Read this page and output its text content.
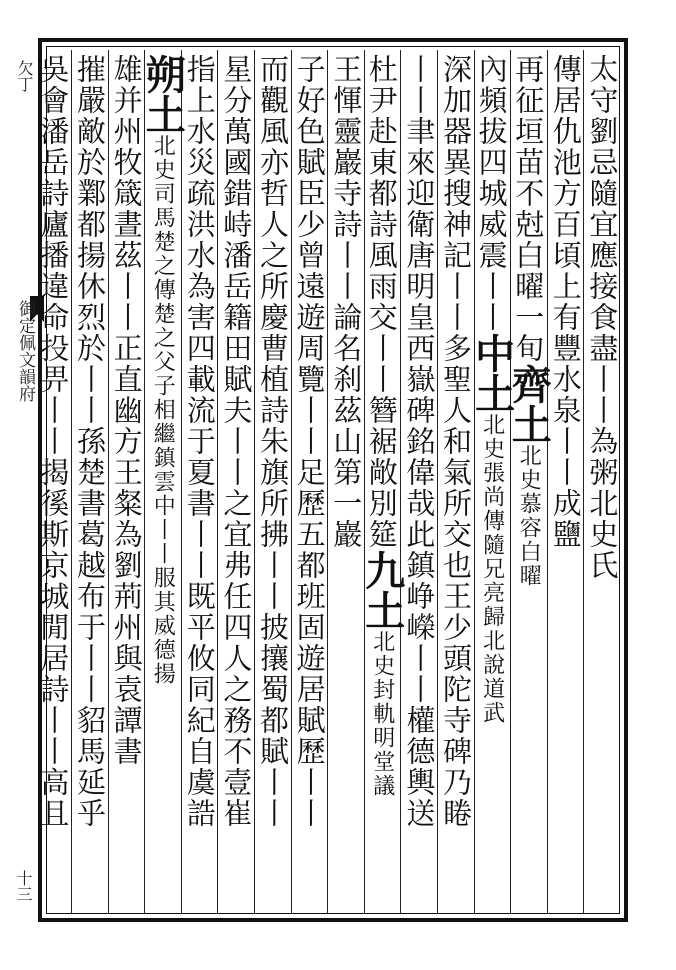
欠丁
御定佩文韻府
十三
太守劉忌隨宜應接食盡丨丨為粥北史氏
傳居仇池方百頃上有豐水泉丨丨成鹽
再征垣苗不尅白曜一旬齊土北史慕容白曜
內頻拔四城威震丨丨中土北史張尚傳隨兄亮歸北說道武
深加器異搜神記丨丨多聖人和氣所交也王少頭陀寺碑乃睠
丨丨聿來迎衛唐明皇西嶽碑銘偉哉此鎮峥嶸丨丨權德輿送
杜尹赴東都詩風雨交丨丨簪裾敞別筵九土北史封軌明堂議
王惲靈巖寺詩丨丨論名刹茲山第一巖
子好色賦臣少曾遠遊周覽丨丨足歷五都班固遊居賦歷丨丨
而觀風亦哲人之所慶曹植詩朱旗所拂丨丨披攘蜀都賦丨丨
星分萬國錯峙潘岳籍田賦夫丨丨之宜弗任四人之務不壹崔
指上水災疏洪水為害四載流于夏書丨丨既平攸同紀自虞誥
朔土北史司馬楚之傳楚之父子相繼鎮雲中丨丨服其威德揚
雄并州牧箴晝茲丨丨正直幽方王粲為劉荊州與袁譚書
摧嚴敵於鄴都揚休烈於丨丨孫楚書葛越布于丨丨貂馬延乎
吳會潘岳詩廬播違命投畀丨丨揭徯斯京城閒居詩丨丨高且
